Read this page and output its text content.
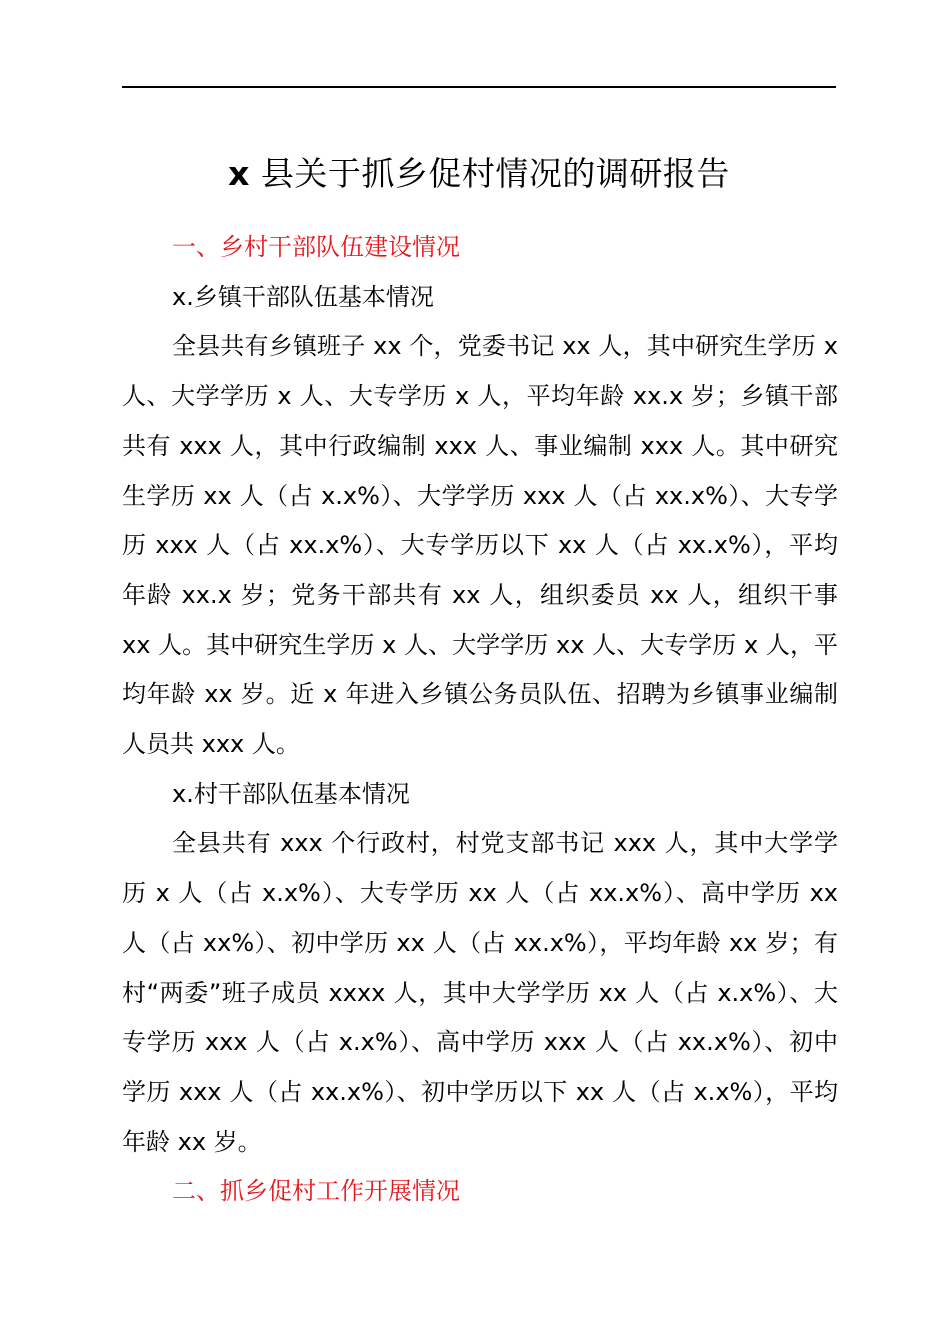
x 县关于抓乡促村情况的调研报告

一、乡村干部队伍建设情况

x.乡镇干部队伍基本情况

全县共有乡镇班子 xx 个，党委书记 xx 人，其中研究生学历 x 人、大学学历 x 人、大专学历 x 人，平均年龄 xx.x 岁；乡镇干部共有 xxx 人，其中行政编制 xxx 人、事业编制 xxx 人。其中研究生学历 xx 人（占 x.x%）、大学学历 xxx 人（占 xx.x%）、大专学历 xxx 人（占 xx.x%）、大专学历以下 xx 人（占 xx.x%），平均年龄 xx.x 岁；党务干部共有 xx 人，组织委员 xx 人，组织干事 xx 人。其中研究生学历 x 人、大学学历 xx 人、大专学历 x 人，平均年龄 xx 岁。近 x 年进入乡镇公务员队伍、招聘为乡镇事业编制人员共 xxx 人。

x.村干部队伍基本情况

全县共有 xxx 个行政村，村党支部书记 xxx 人，其中大学学历 x 人（占 x.x%）、大专学历 xx 人（占 xx.x%）、高中学历 xx 人（占 xx%）、初中学历 xx 人（占 xx.x%），平均年龄 xx 岁；有村“两委”班子成员 xxxx 人，其中大学学历 xx 人（占 x.x%）、大专学历 xxx 人（占 x.x%）、高中学历 xxx 人（占 xx.x%）、初中学历 xxx 人（占 xx.x%）、初中学历以下 xx 人（占 x.x%），平均年龄 xx 岁。

二、抓乡促村工作开展情况
